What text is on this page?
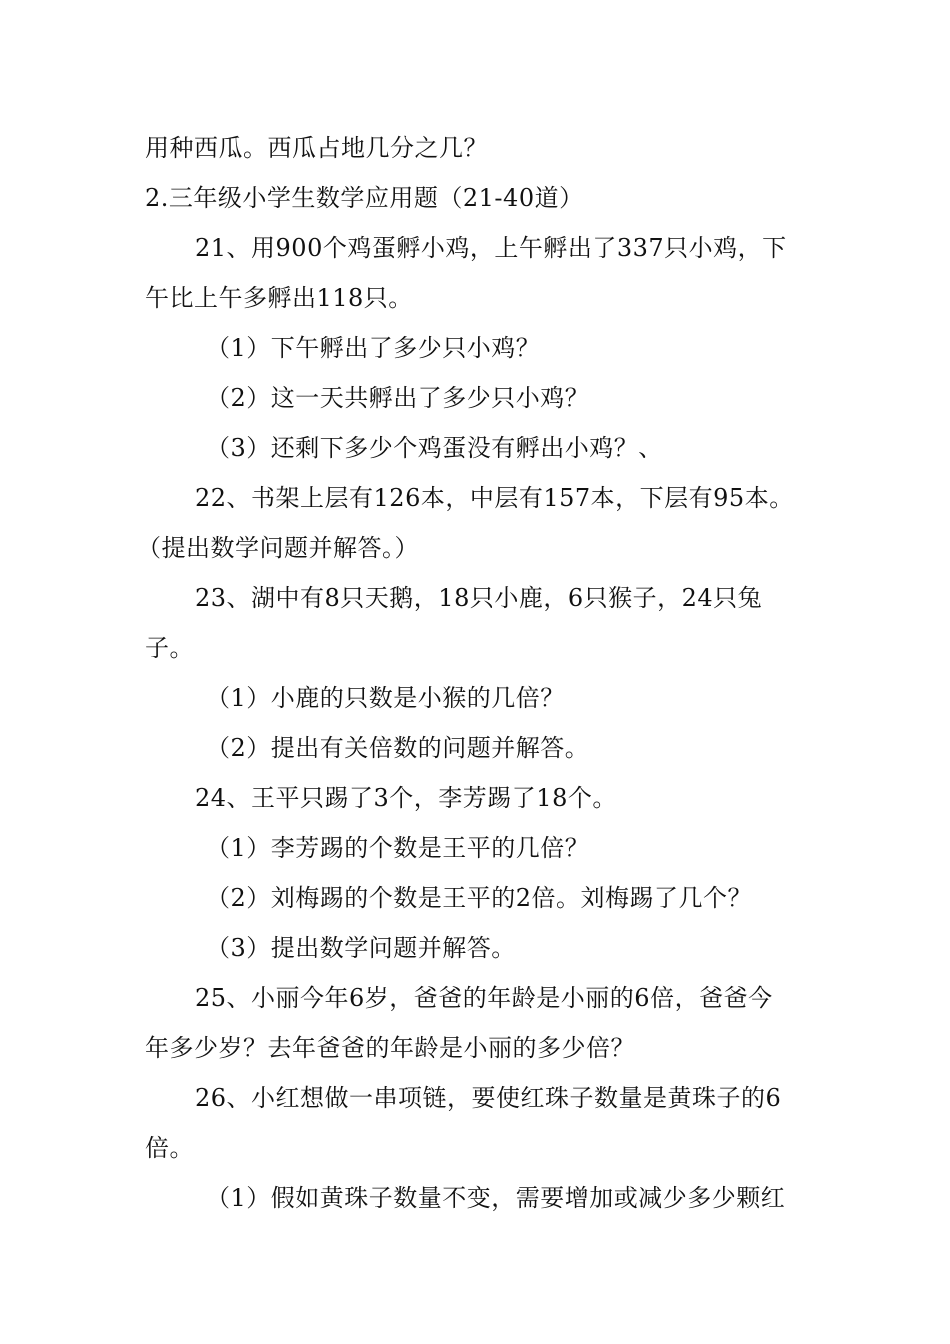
用种西瓜。西瓜占地几分之几？
2.三年级小学生数学应用题（21-40道）
21、用900个鸡蛋孵小鸡，上午孵出了337只小鸡，下
午比上午多孵出118只。
（1）下午孵出了多少只小鸡？
（2）这一天共孵出了多少只小鸡？
（3）还剩下多少个鸡蛋没有孵出小鸡？、
22、书架上层有126本，中层有157本，下层有95本。
（提出数学问题并解答。）
23、湖中有8只天鹅，18只小鹿，6只猴子，24只兔
子。
（1）小鹿的只数是小猴的几倍？
（2）提出有关倍数的问题并解答。
24、王平只踢了3个，李芳踢了18个。
（1）李芳踢的个数是王平的几倍？
（2）刘梅踢的个数是王平的2倍。刘梅踢了几个？
（3）提出数学问题并解答。
25、小丽今年6岁，爸爸的年龄是小丽的6倍，爸爸今
年多少岁？去年爸爸的年龄是小丽的多少倍？
26、小红想做一串项链，要使红珠子数量是黄珠子的6
倍。
（1）假如黄珠子数量不变，需要增加或减少多少颗红
